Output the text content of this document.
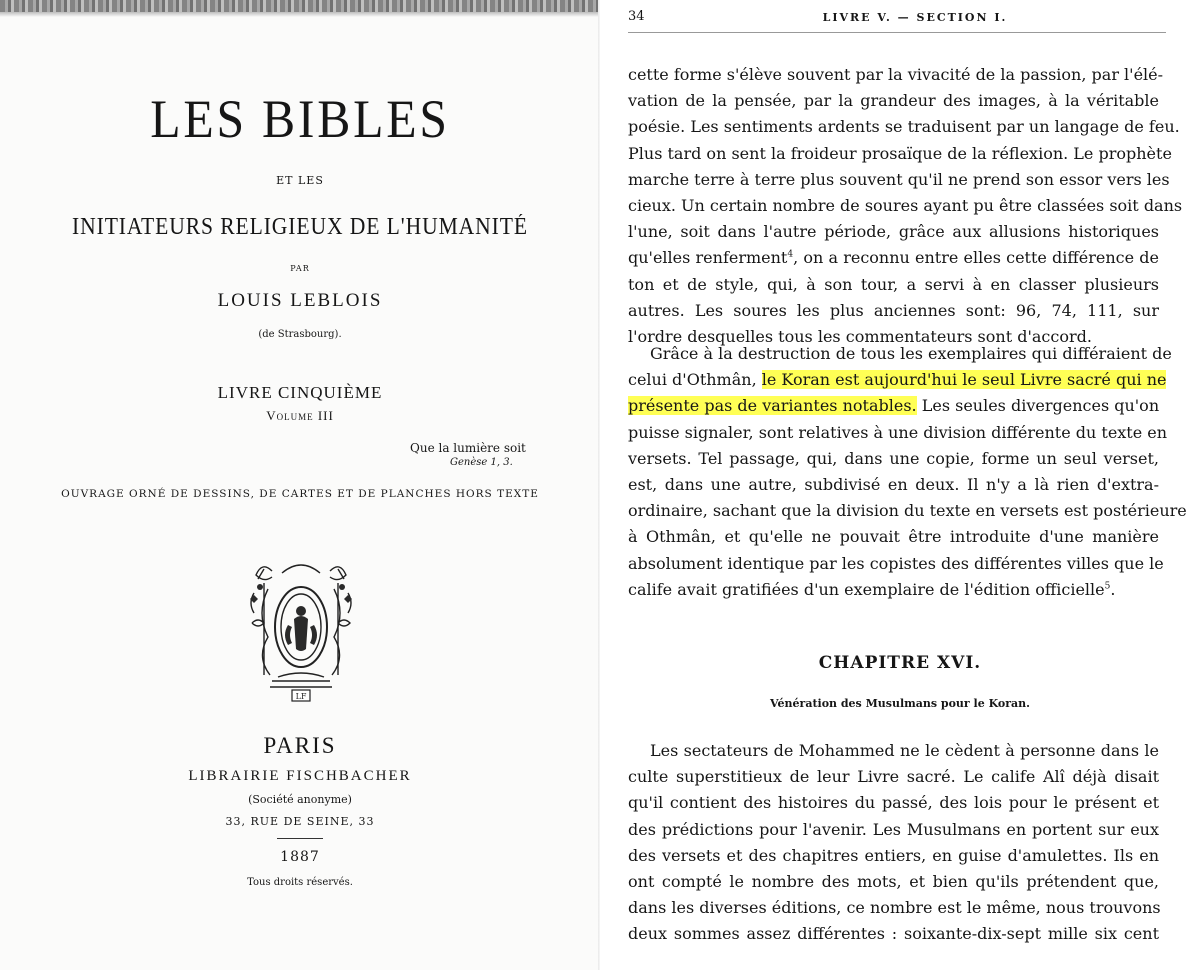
LES BIBLES
ET LES
INITIATEURS RELIGIEUX DE L'HUMANITÉ
PAR
LOUIS LEBLOIS
(de Strasbourg).
LIVRE CINQUIÈME
Volume III
Que la lumière soit
Genèse 1, 3.
OUVRAGE ORNÉ DE DESSINS, DE CARTES ET DE PLANCHES HORS TEXTE
LF
PARIS
LIBRAIRIE FISCHBACHER
(Société anonyme)
33, RUE DE SEINE, 33
1887
Tous droits réservés.
34	LIVRE V. — SECTION I.
cette forme s'élève souvent par la vivacité de la passion, par l'élé-
vation de la pensée, par la grandeur des images, à la véritable
poésie. Les sentiments ardents se traduisent par un langage de feu.
Plus tard on sent la froideur prosaïque de la réflexion. Le prophète
marche terre à terre plus souvent qu'il ne prend son essor vers les
cieux. Un certain nombre de soures ayant pu être classées soit dans
l'une, soit dans l'autre période, grâce aux allusions historiques
qu'elles renferment$^4$, on a reconnu entre elles cette différence de
ton et de style, qui, à son tour, a servi à en classer plusieurs
autres. Les soures les plus anciennes sont: 96, 74, 111, sur
l'ordre desquelles tous les commentateurs sont d'accord.
Grâce à la destruction de tous les exemplaires qui différaient de
celui d'Othmân, le Koran est aujourd'hui le seul Livre sacré qui ne
présente pas de variantes notables. Les seules divergences qu'on
puisse signaler, sont relatives à une division différente du texte en
versets. Tel passage, qui, dans une copie, forme un seul verset,
est, dans une autre, subdivisé en deux. Il n'y a là rien d'extra-
ordinaire, sachant que la division du texte en versets est postérieure
à Othmân, et qu'elle ne pouvait être introduite d'une manière
absolument identique par les copistes des différentes villes que le
calife avait gratifiées d'un exemplaire de l'édition officielle$^5$.
CHAPITRE XVI.
Vénération des Musulmans pour le Koran.
Les sectateurs de Mohammed ne le cèdent à personne dans le
culte superstitieux de leur Livre sacré. Le calife Alî déjà disait
qu'il contient des histoires du passé, des lois pour le présent et
des prédictions pour l'avenir. Les Musulmans en portent sur eux
des versets et des chapitres entiers, en guise d'amulettes. Ils en
ont compté le nombre des mots, et bien qu'ils prétendent que,
dans les diverses éditions, ce nombre est le même, nous trouvons
deux sommes assez différentes : soixante-dix-sept mille six cent
